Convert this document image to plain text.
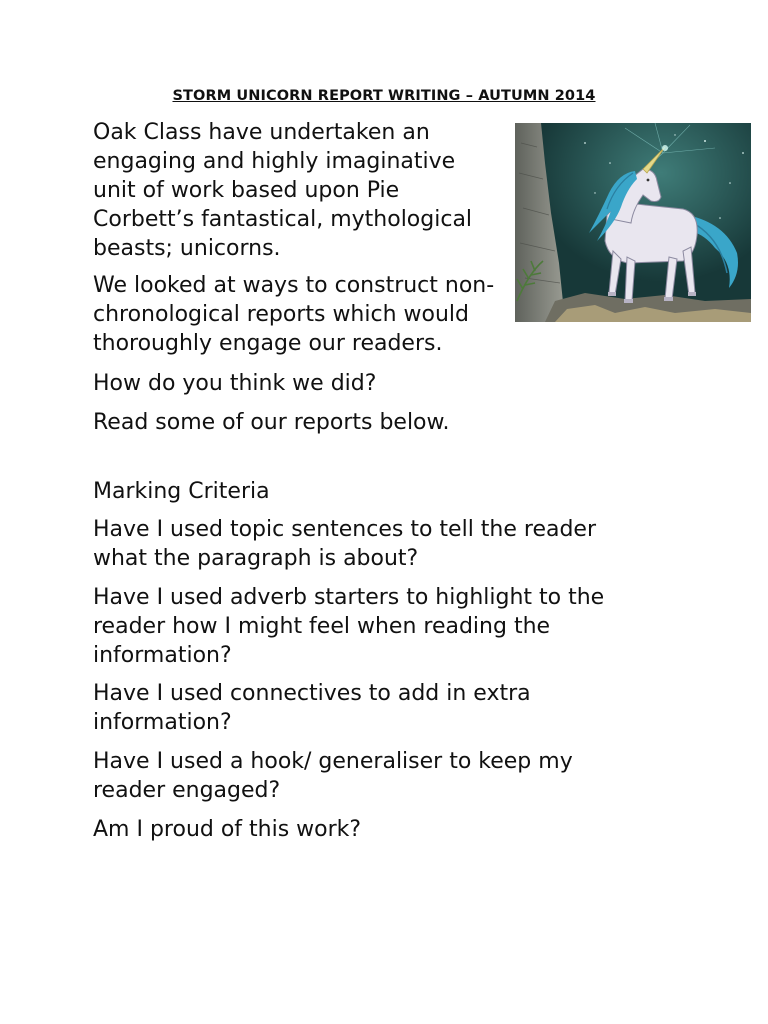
STORM UNICORN REPORT WRITING – AUTUMN 2014

Oak Class have undertaken an engaging and highly imaginative unit of work based upon Pie Corbett’s fantastical, mythological beasts; unicorns.

We looked at ways to construct non-chronological reports which would thoroughly engage our readers.

How do you think we did?

Read some of our reports below.

Marking Criteria

Have I used topic sentences to tell the reader what the paragraph is about?

Have I used adverb starters to highlight to the reader how I might feel when reading the information?

Have I used connectives to add in extra information?

Have I used a hook/ generaliser to keep my reader engaged?

Am I proud of this work?
